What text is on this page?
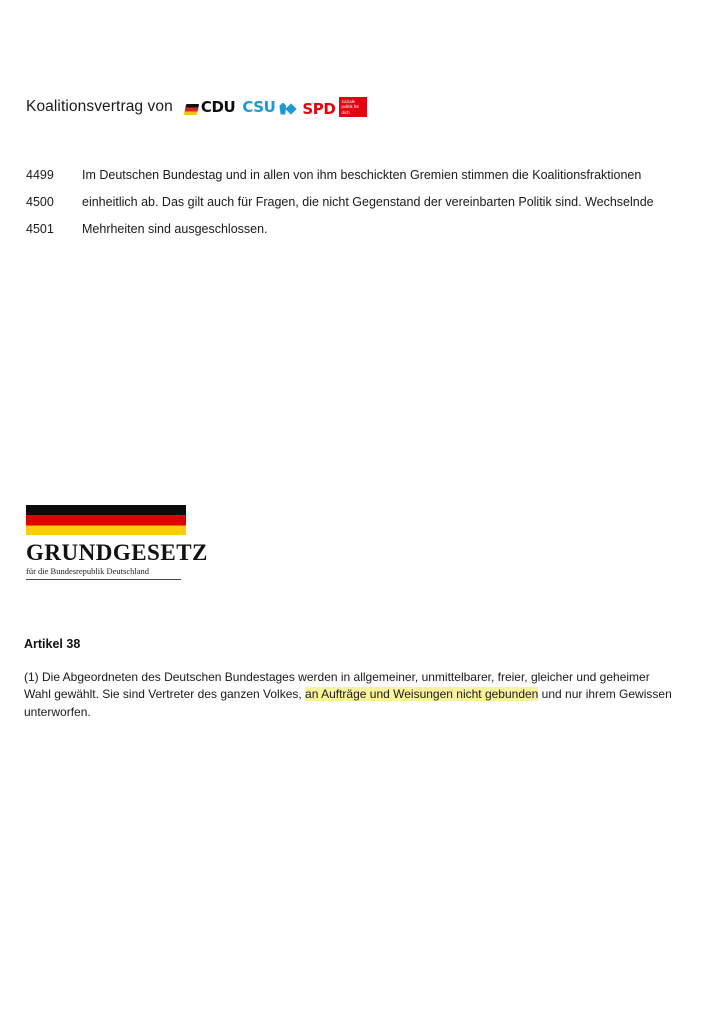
Koalitionsvertrag von CDU CSU SPD	soziale politik für dich
4499	Im Deutschen Bundestag und in allen von ihm beschickten Gremien stimmen die Koalitionsfraktionen
4500	einheitlich ab. Das gilt auch für Fragen, die nicht Gegenstand der vereinbarten Politik sind. Wechselnde
4501	Mehrheiten sind ausgeschlossen.
GRUNDGESETZ
für die Bundesrepublik Deutschland
Artikel 38
(1) Die Abgeordneten des Deutschen Bundestages werden in allgemeiner, unmittelbarer, freier, gleicher und geheimer Wahl gewählt. Sie sind Vertreter des ganzen Volkes, an Aufträge und Weisungen nicht gebunden und nur ihrem Gewissen unterworfen.
